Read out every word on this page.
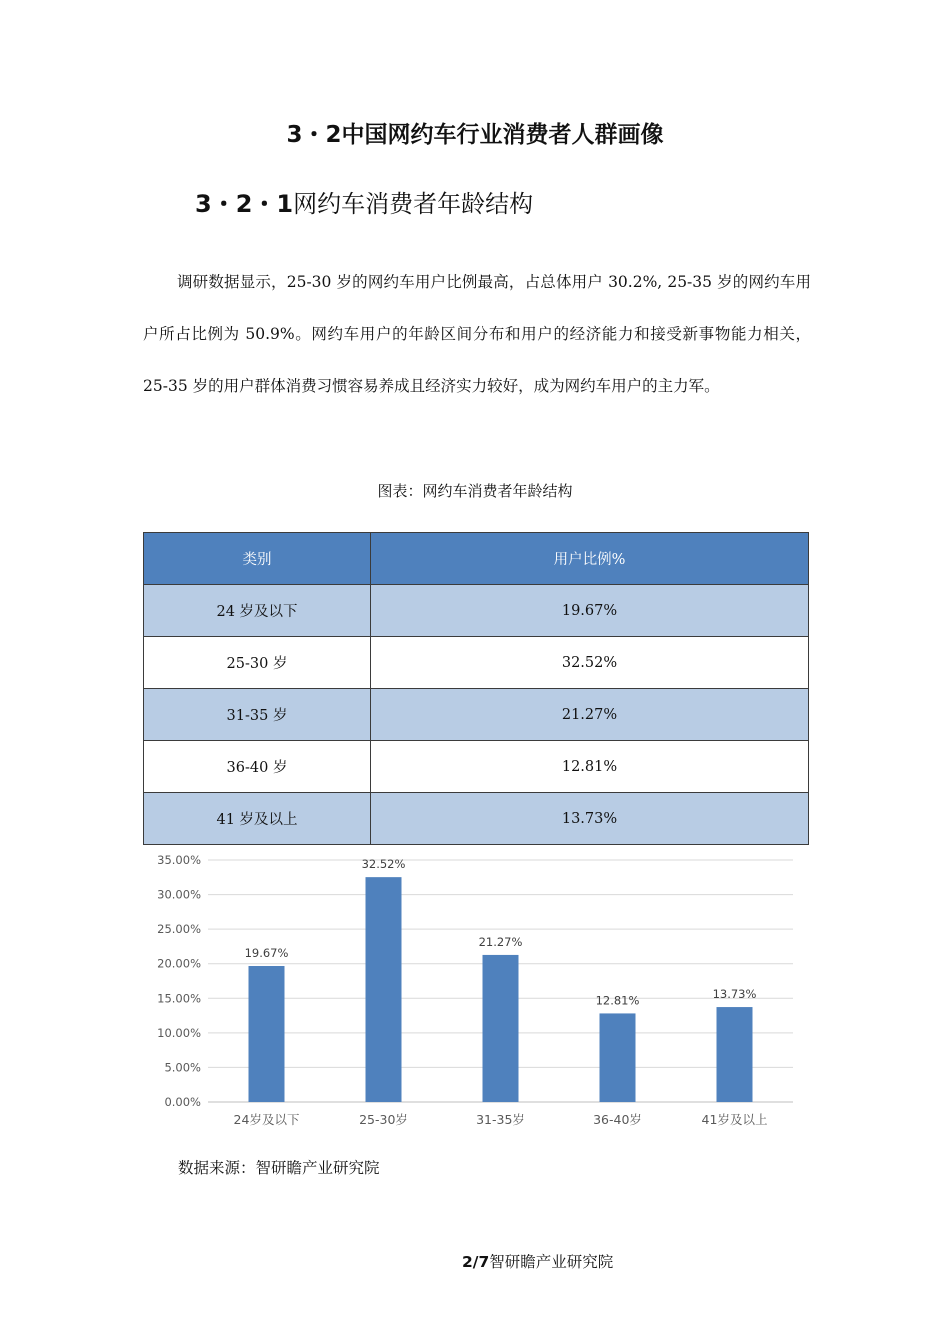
3・2中国网约车行业消费者人群画像
3・2・1网约车消费者年龄结构
调研数据显示，25-30 岁的网约车用户比例最高，占总体用户 30.2%, 25-35 岁的网约车用户所占比例为 50.9%。网约车用户的年龄区间分布和用户的经济能力和接受新事物能力相关，25-35 岁的用户群体消费习惯容易养成且经济实力较好，成为网约车用户的主力军。
图表：网约车消费者年龄结构
类别	用户比例%
24 岁及以下	19.67%
25-30 岁	32.52%
31-35 岁	21.27%
36-40 岁	12.81%
41 岁及以上	13.73%
0.00%
5.00%
10.00%
15.00%
20.00%
25.00%
30.00%
35.00%
19.67%
24岁及以下
32.52%
25-30岁
21.27%
31-35岁
12.81%
36-40岁
13.73%
41岁及以上
数据来源：智研瞻产业研究院
2/7智研瞻产业研究院
